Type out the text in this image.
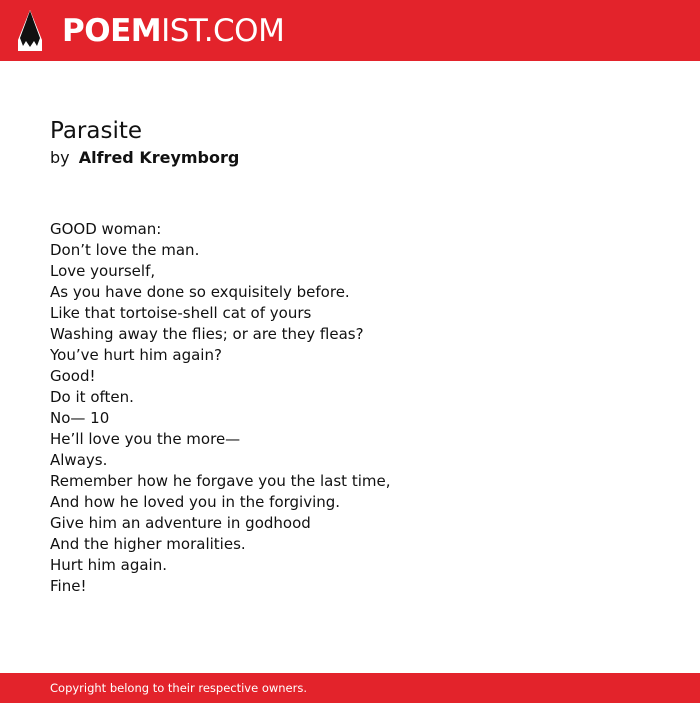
POEMIST.COM
Parasite
by Alfred Kreymborg
GOOD woman:
Don’t love the man.
Love yourself,
As you have done so exquisitely before.
Like that tortoise-shell cat of yours
Washing away the flies; or are they fleas?
You’ve hurt him again?
Good!
Do it often.
No— 10
He’ll love you the more—
Always.
Remember how he forgave you the last time,
And how he loved you in the forgiving.
Give him an adventure in godhood
And the higher moralities.
Hurt him again.
Fine!
Copyright belong to their respective owners.
